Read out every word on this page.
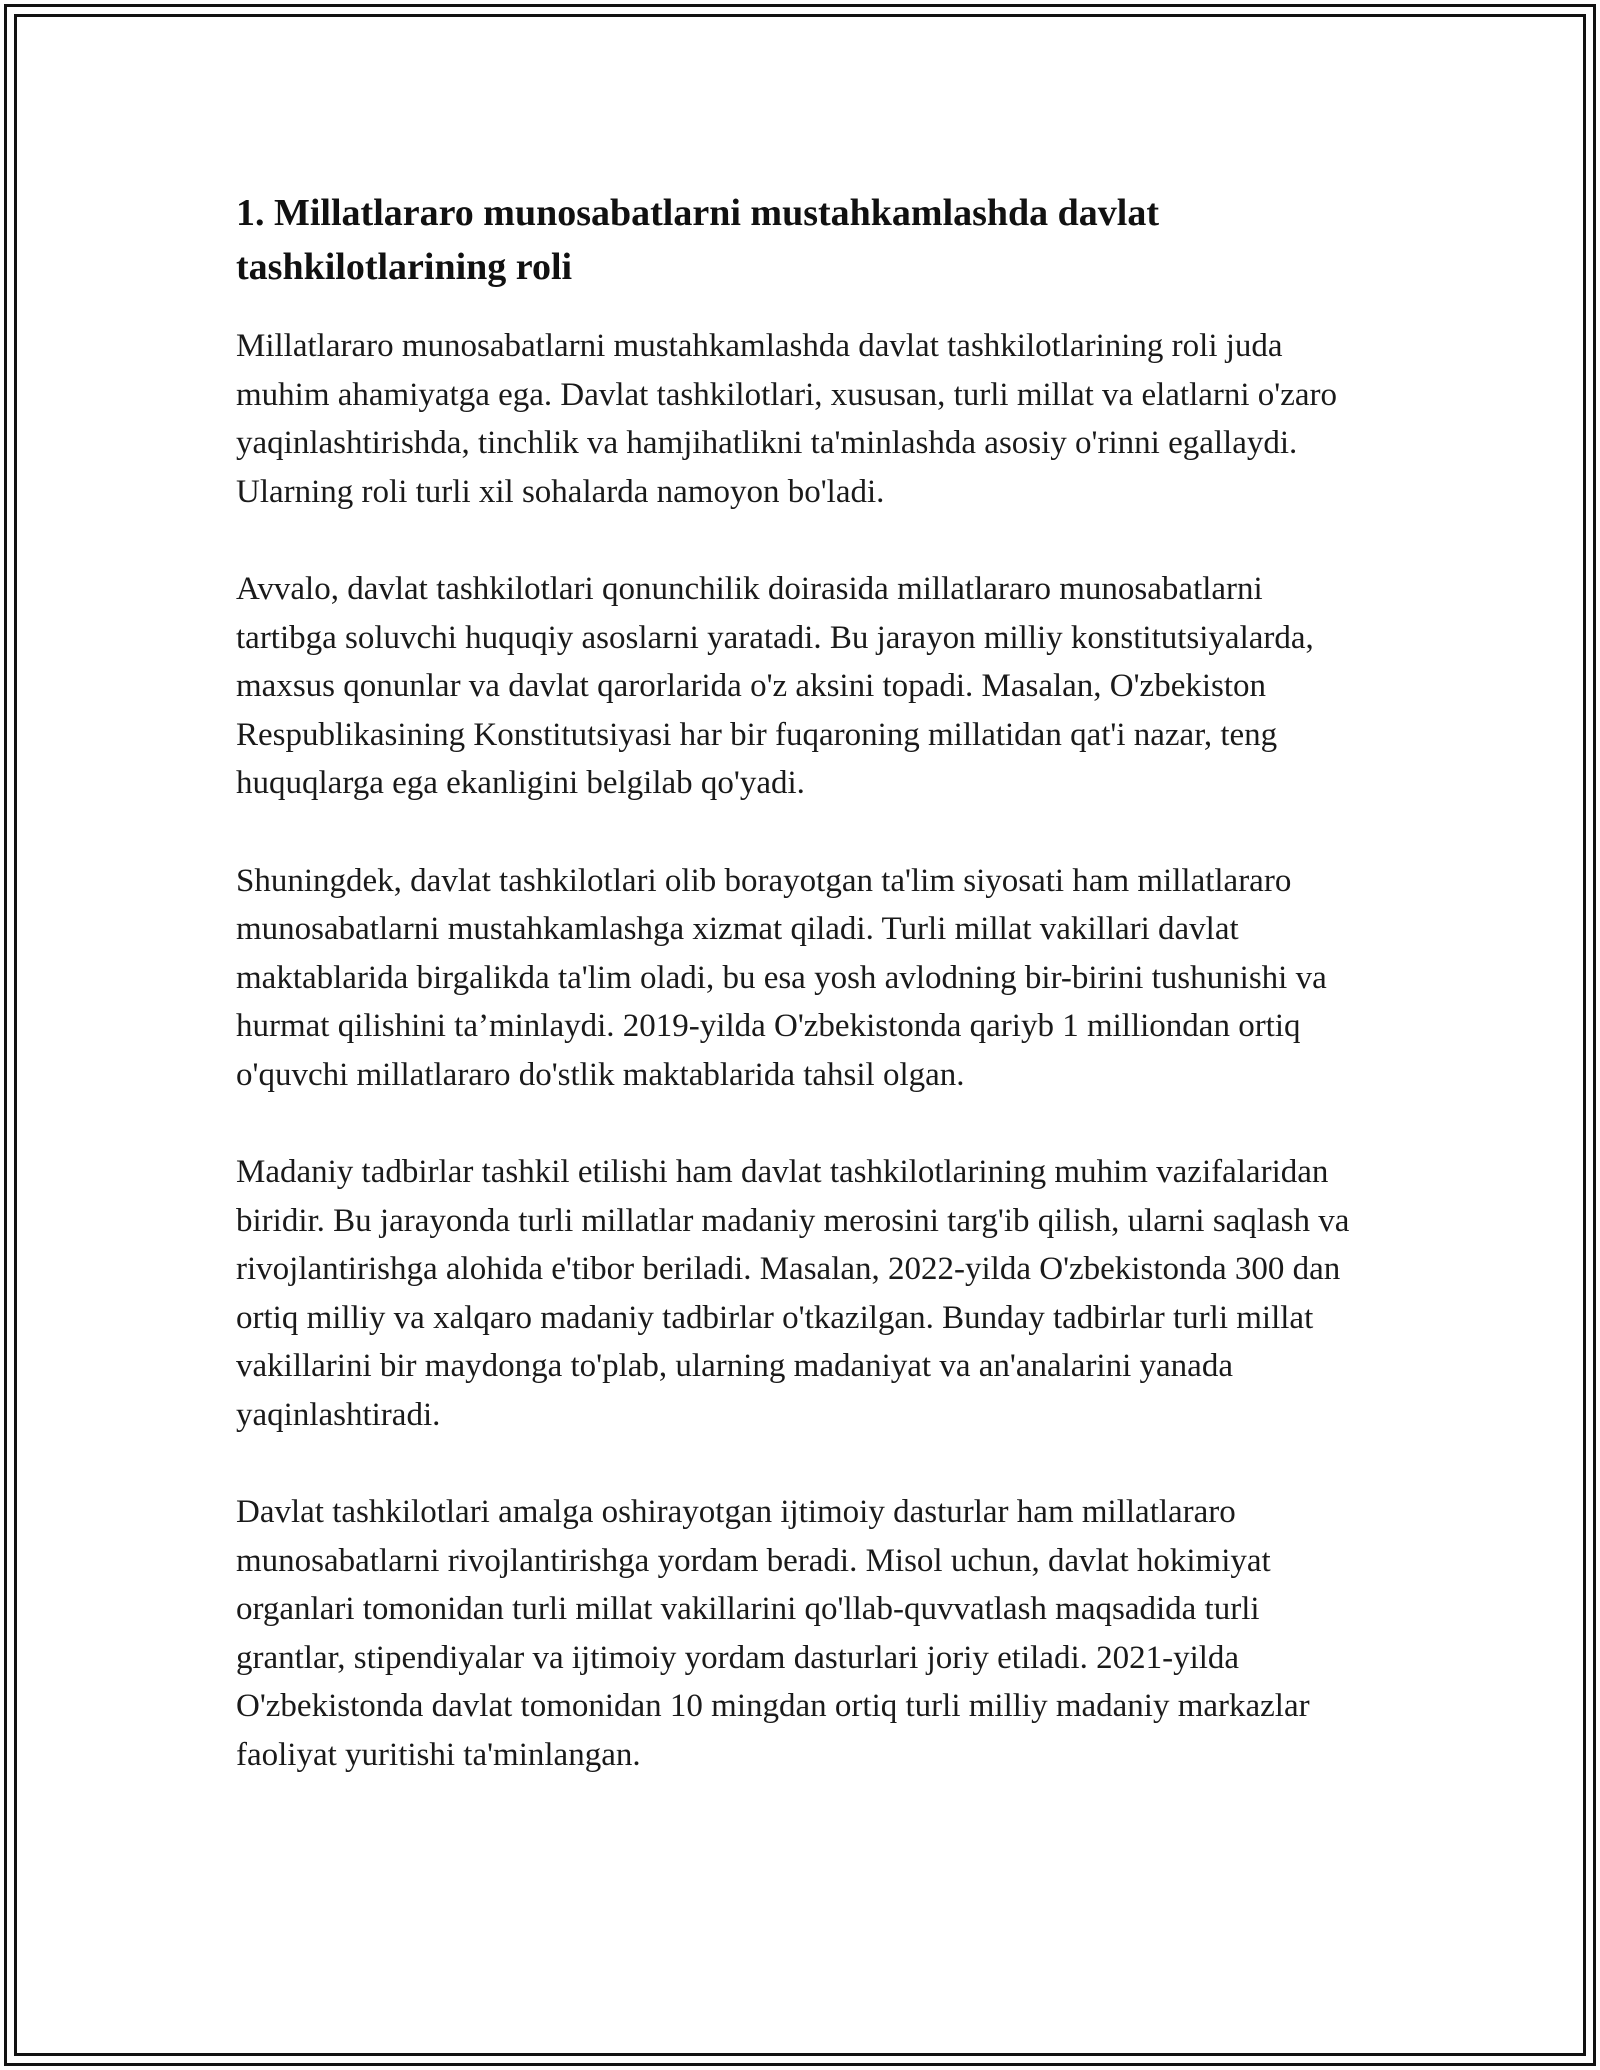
1. Millatlararo munosabatlarni mustahkamlashda davlat tashkilotlarining roli

Millatlararo munosabatlarni mustahkamlashda davlat tashkilotlarining roli juda muhim ahamiyatga ega. Davlat tashkilotlari, xususan, turli millat va elatlarni o'zaro yaqinlashtirishda, tinchlik va hamjihatlikni ta'minlashda asosiy o'rinni egallaydi. Ularning roli turli xil sohalarda namoyon bo'ladi.

Avvalo, davlat tashkilotlari qonunchilik doirasida millatlararo munosabatlarni tartibga soluvchi huquqiy asoslarni yaratadi. Bu jarayon milliy konstitutsiyalarda, maxsus qonunlar va davlat qarorlarida o'z aksini topadi. Masalan, O'zbekiston Respublikasining Konstitutsiyasi har bir fuqaroning millatidan qat'i nazar, teng huquqlarga ega ekanligini belgilab qo'yadi.

Shuningdek, davlat tashkilotlari olib borayotgan ta'lim siyosati ham millatlararo munosabatlarni mustahkamlashga xizmat qiladi. Turli millat vakillari davlat maktablarida birgalikda ta'lim oladi, bu esa yosh avlodning bir-birini tushunishi va hurmat qilishini ta’minlaydi. 2019-yilda O'zbekistonda qariyb 1 milliondan ortiq o'quvchi millatlararo do'stlik maktablarida tahsil olgan.

Madaniy tadbirlar tashkil etilishi ham davlat tashkilotlarining muhim vazifalaridan biridir. Bu jarayonda turli millatlar madaniy merosini targ'ib qilish, ularni saqlash va rivojlantirishga alohida e'tibor beriladi. Masalan, 2022-yilda O'zbekistonda 300 dan ortiq milliy va xalqaro madaniy tadbirlar o'tkazilgan. Bunday tadbirlar turli millat vakillarini bir maydonga to'plab, ularning madaniyat va an'analarini yanada yaqinlashtiradi.

Davlat tashkilotlari amalga oshirayotgan ijtimoiy dasturlar ham millatlararo munosabatlarni rivojlantirishga yordam beradi. Misol uchun, davlat hokimiyat organlari tomonidan turli millat vakillarini qo'llab-quvvatlash maqsadida turli grantlar, stipendiyalar va ijtimoiy yordam dasturlari joriy etiladi. 2021-yilda O'zbekistonda davlat tomonidan 10 mingdan ortiq turli milliy madaniy markazlar faoliyat yuritishi ta'minlangan.
